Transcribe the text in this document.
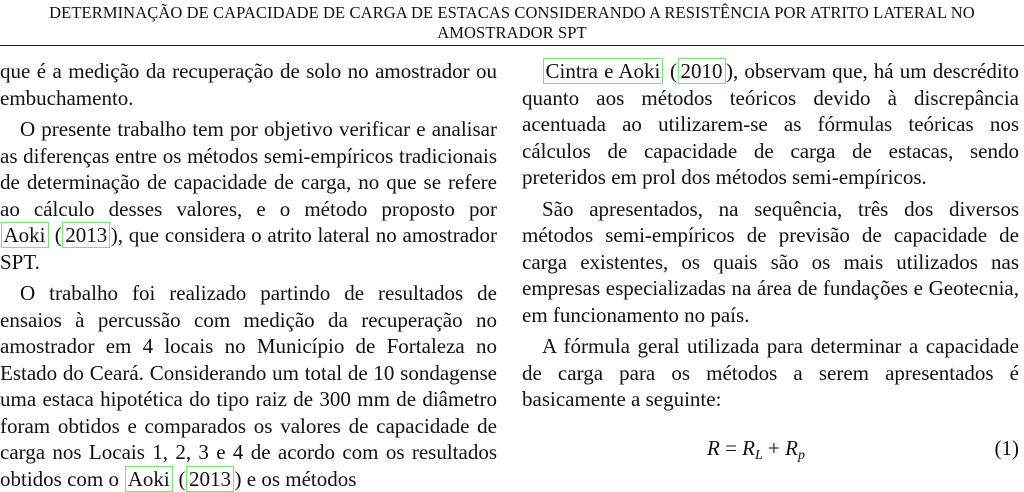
DETERMINAÇÃO DE CAPACIDADE DE CARGA DE ESTACAS CONSIDERANDO A RESISTÊNCIA POR ATRITO LATERAL NO
AMOSTRADOR SPT

que é a medição da recuperação de solo no amostrador ou embuchamento.

O presente trabalho tem por objetivo verificar e analisar as diferenças entre os métodos semi-empíricos tradicionais de determinação de capacidade de carga, no que se refere ao cálculo desses valores, e o método proposto por Aoki ( 2013 ), que considera o atrito lateral no amostrador SPT.

O trabalho foi realizado partindo de resultados de ensaios à percussão com medição da recuperação no amostrador em 4 locais no Município de Fortaleza no Estado do Ceará. Considerando um total de 10 sondagense uma estaca hipotética do tipo raiz de 300 mm de diâmetro foram obtidos e comparados os valores de capacidade de carga nos Locais 1, 2, 3 e 4 de acordo com os resultados obtidos com o Aoki ( 2013 ) e os métodos

Cintra e Aoki ( 2010 ), observam que, há um descrédito quanto aos métodos teóricos devido à discrepância acentuada ao utilizarem-se as fórmulas teóricas nos cálculos de capacidade de carga de estacas, sendo preteridos em prol dos métodos semi-empíricos.

São apresentados, na sequência, três dos diversos métodos semi-empíricos de previsão de capacidade de carga existentes, os quais são os mais utilizados nas empresas especializadas na área de fundações e Geotecnia, em funcionamento no país.

A fórmula geral utilizada para determinar a capacidade de carga para os métodos a serem apresentados é basicamente a seguinte:

$R = R_L + R_p$	(1)
